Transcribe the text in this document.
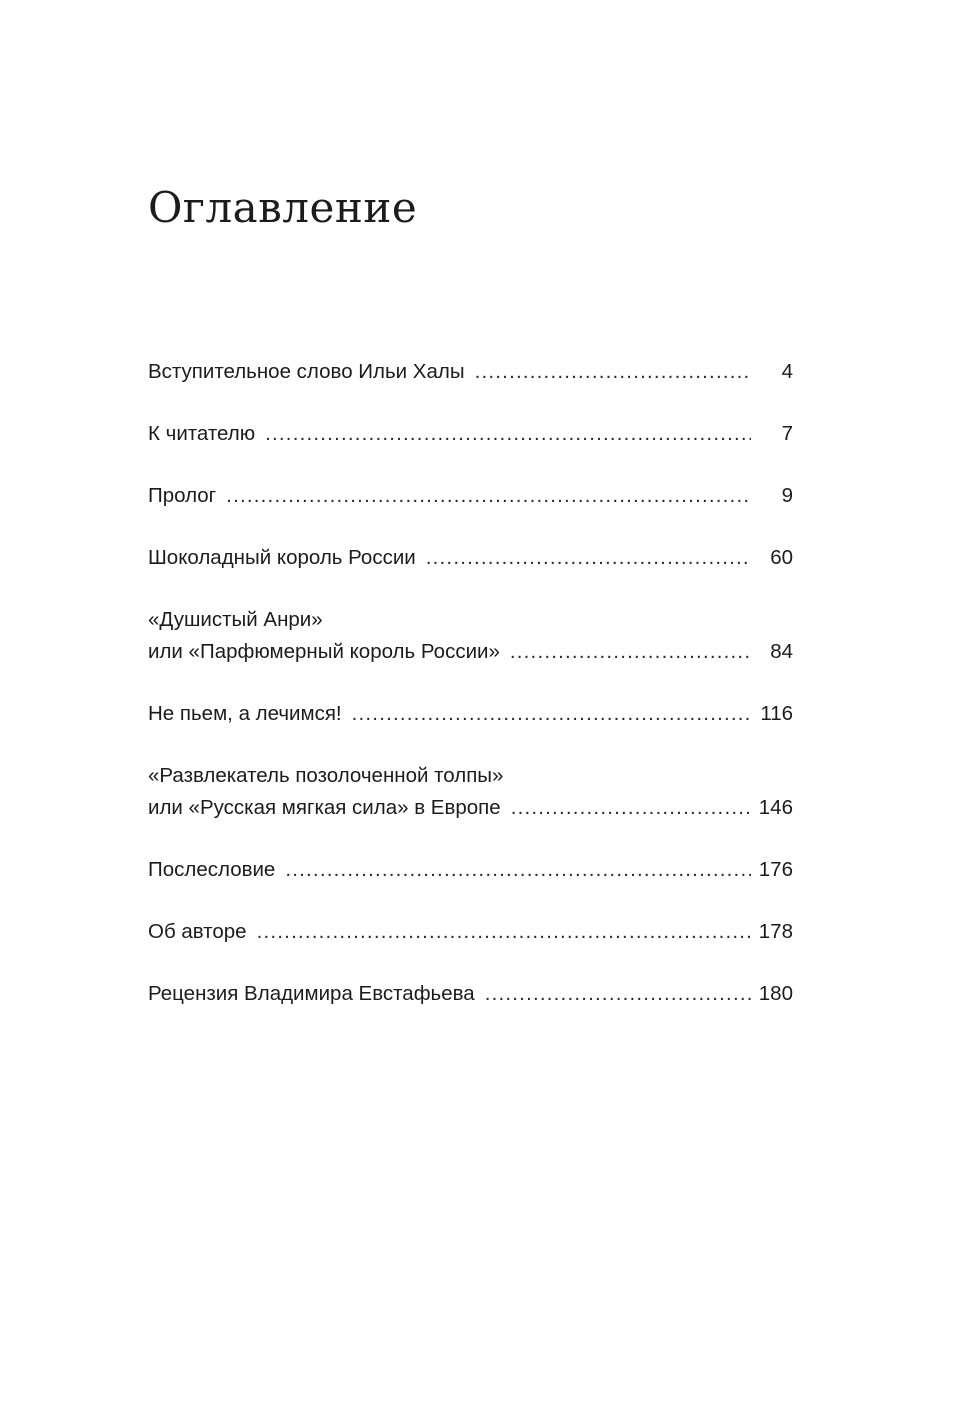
Оглавление
Вступительное слово Ильи Халы .....	4
К читателю .....	7
Пролог .....	9
Шоколадный король России .....	60
«Душистый Анри»
или «Парфюмерный король России» .....	84
Не пьем, а лечимся! .....	116
«Развлекатель позолоченной толпы»
или «Русская мягкая сила» в Европе .....	146
Послесловие .....	176
Об авторе .....	178
Рецензия Владимира Евстафьева .....	180
